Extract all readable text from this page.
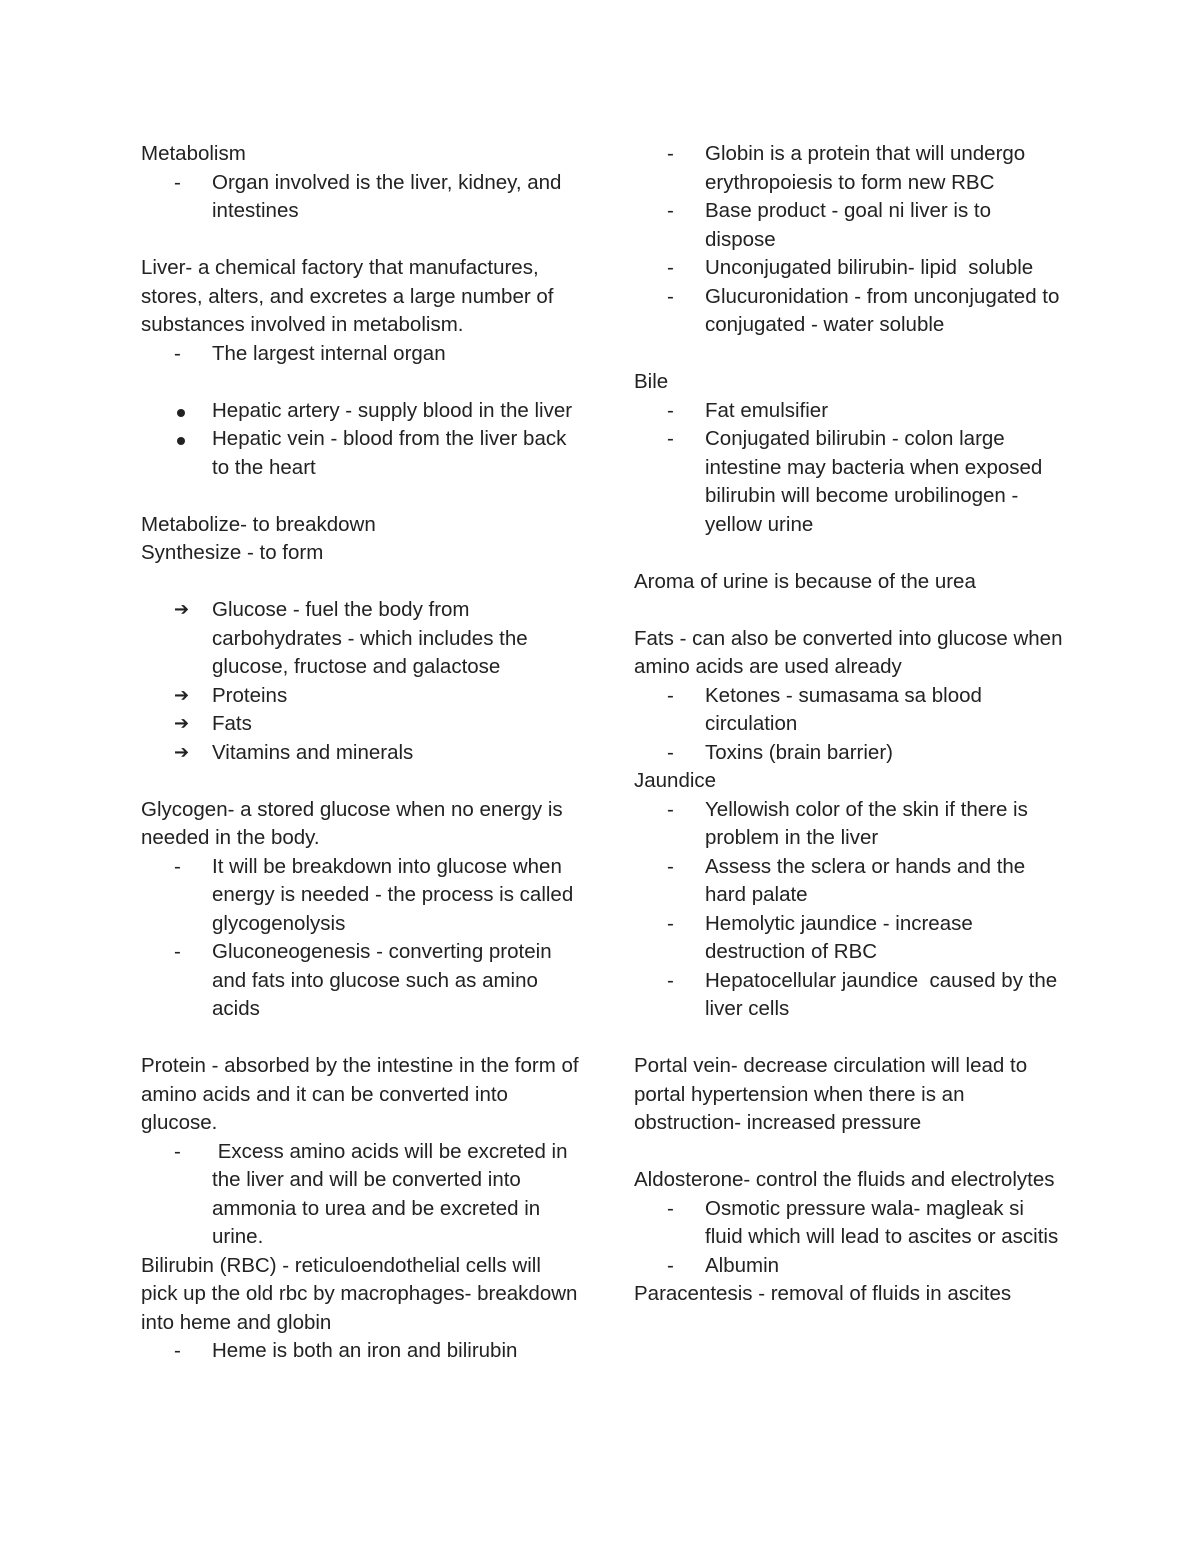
Metabolism

-	Organ involved is the liver, kidney, and intestines

Liver- a chemical factory that manufactures, stores, alters, and excretes a large number of substances involved in metabolism.

-	The largest internal organ
Hepatic artery - supply blood in the liver
Hepatic vein - blood from the liver back to the heart

Metabolize- to breakdown

Synthesize - to form

➔	Glucose - fuel the body from carbohydrates - which includes the glucose, fructose and galactose
➔	Proteins
➔	Fats
➔	Vitamins and minerals

Glycogen- a stored glucose when no energy is needed in the body.

-	It will be breakdown into glucose when energy is needed - the process is called glycogenolysis
-	Gluconeogenesis - converting protein and fats into glucose such as amino acids

Protein - absorbed by the intestine in the form of amino acids and it can be converted into glucose.

-	Excess amino acids will be excreted in the liver and will be converted into ammonia to urea and be excreted in urine.

Bilirubin (RBC) - reticuloendothelial cells will pick up the old rbc by macrophages- breakdown into heme and globin

-	Heme is both an iron and bilirubin
-	Globin is a protein that will undergo erythropoiesis to form new RBC
-	Base product - goal ni liver is to dispose
-	Unconjugated bilirubin- lipid  soluble
-	Glucuronidation - from unconjugated to conjugated - water soluble

Bile

-	Fat emulsifier
-	Conjugated bilirubin - colon large intestine may bacteria when exposed bilirubin will become urobilinogen - yellow urine

Aroma of urine is because of the urea

Fats - can also be converted into glucose when amino acids are used already

-	Ketones - sumasama sa blood circulation
-	Toxins (brain barrier)

Jaundice

-	Yellowish color of the skin if there is problem in the liver
-	Assess the sclera or hands and the hard palate
-	Hemolytic jaundice - increase destruction of RBC
-	Hepatocellular jaundice  caused by the liver cells

Portal vein- decrease circulation will lead to portal hypertension when there is an obstruction- increased pressure

Aldosterone- control the fluids and electrolytes

-	Osmotic pressure wala- magleak si fluid which will lead to ascites or ascitis
-	Albumin

Paracentesis - removal of fluids in ascites
